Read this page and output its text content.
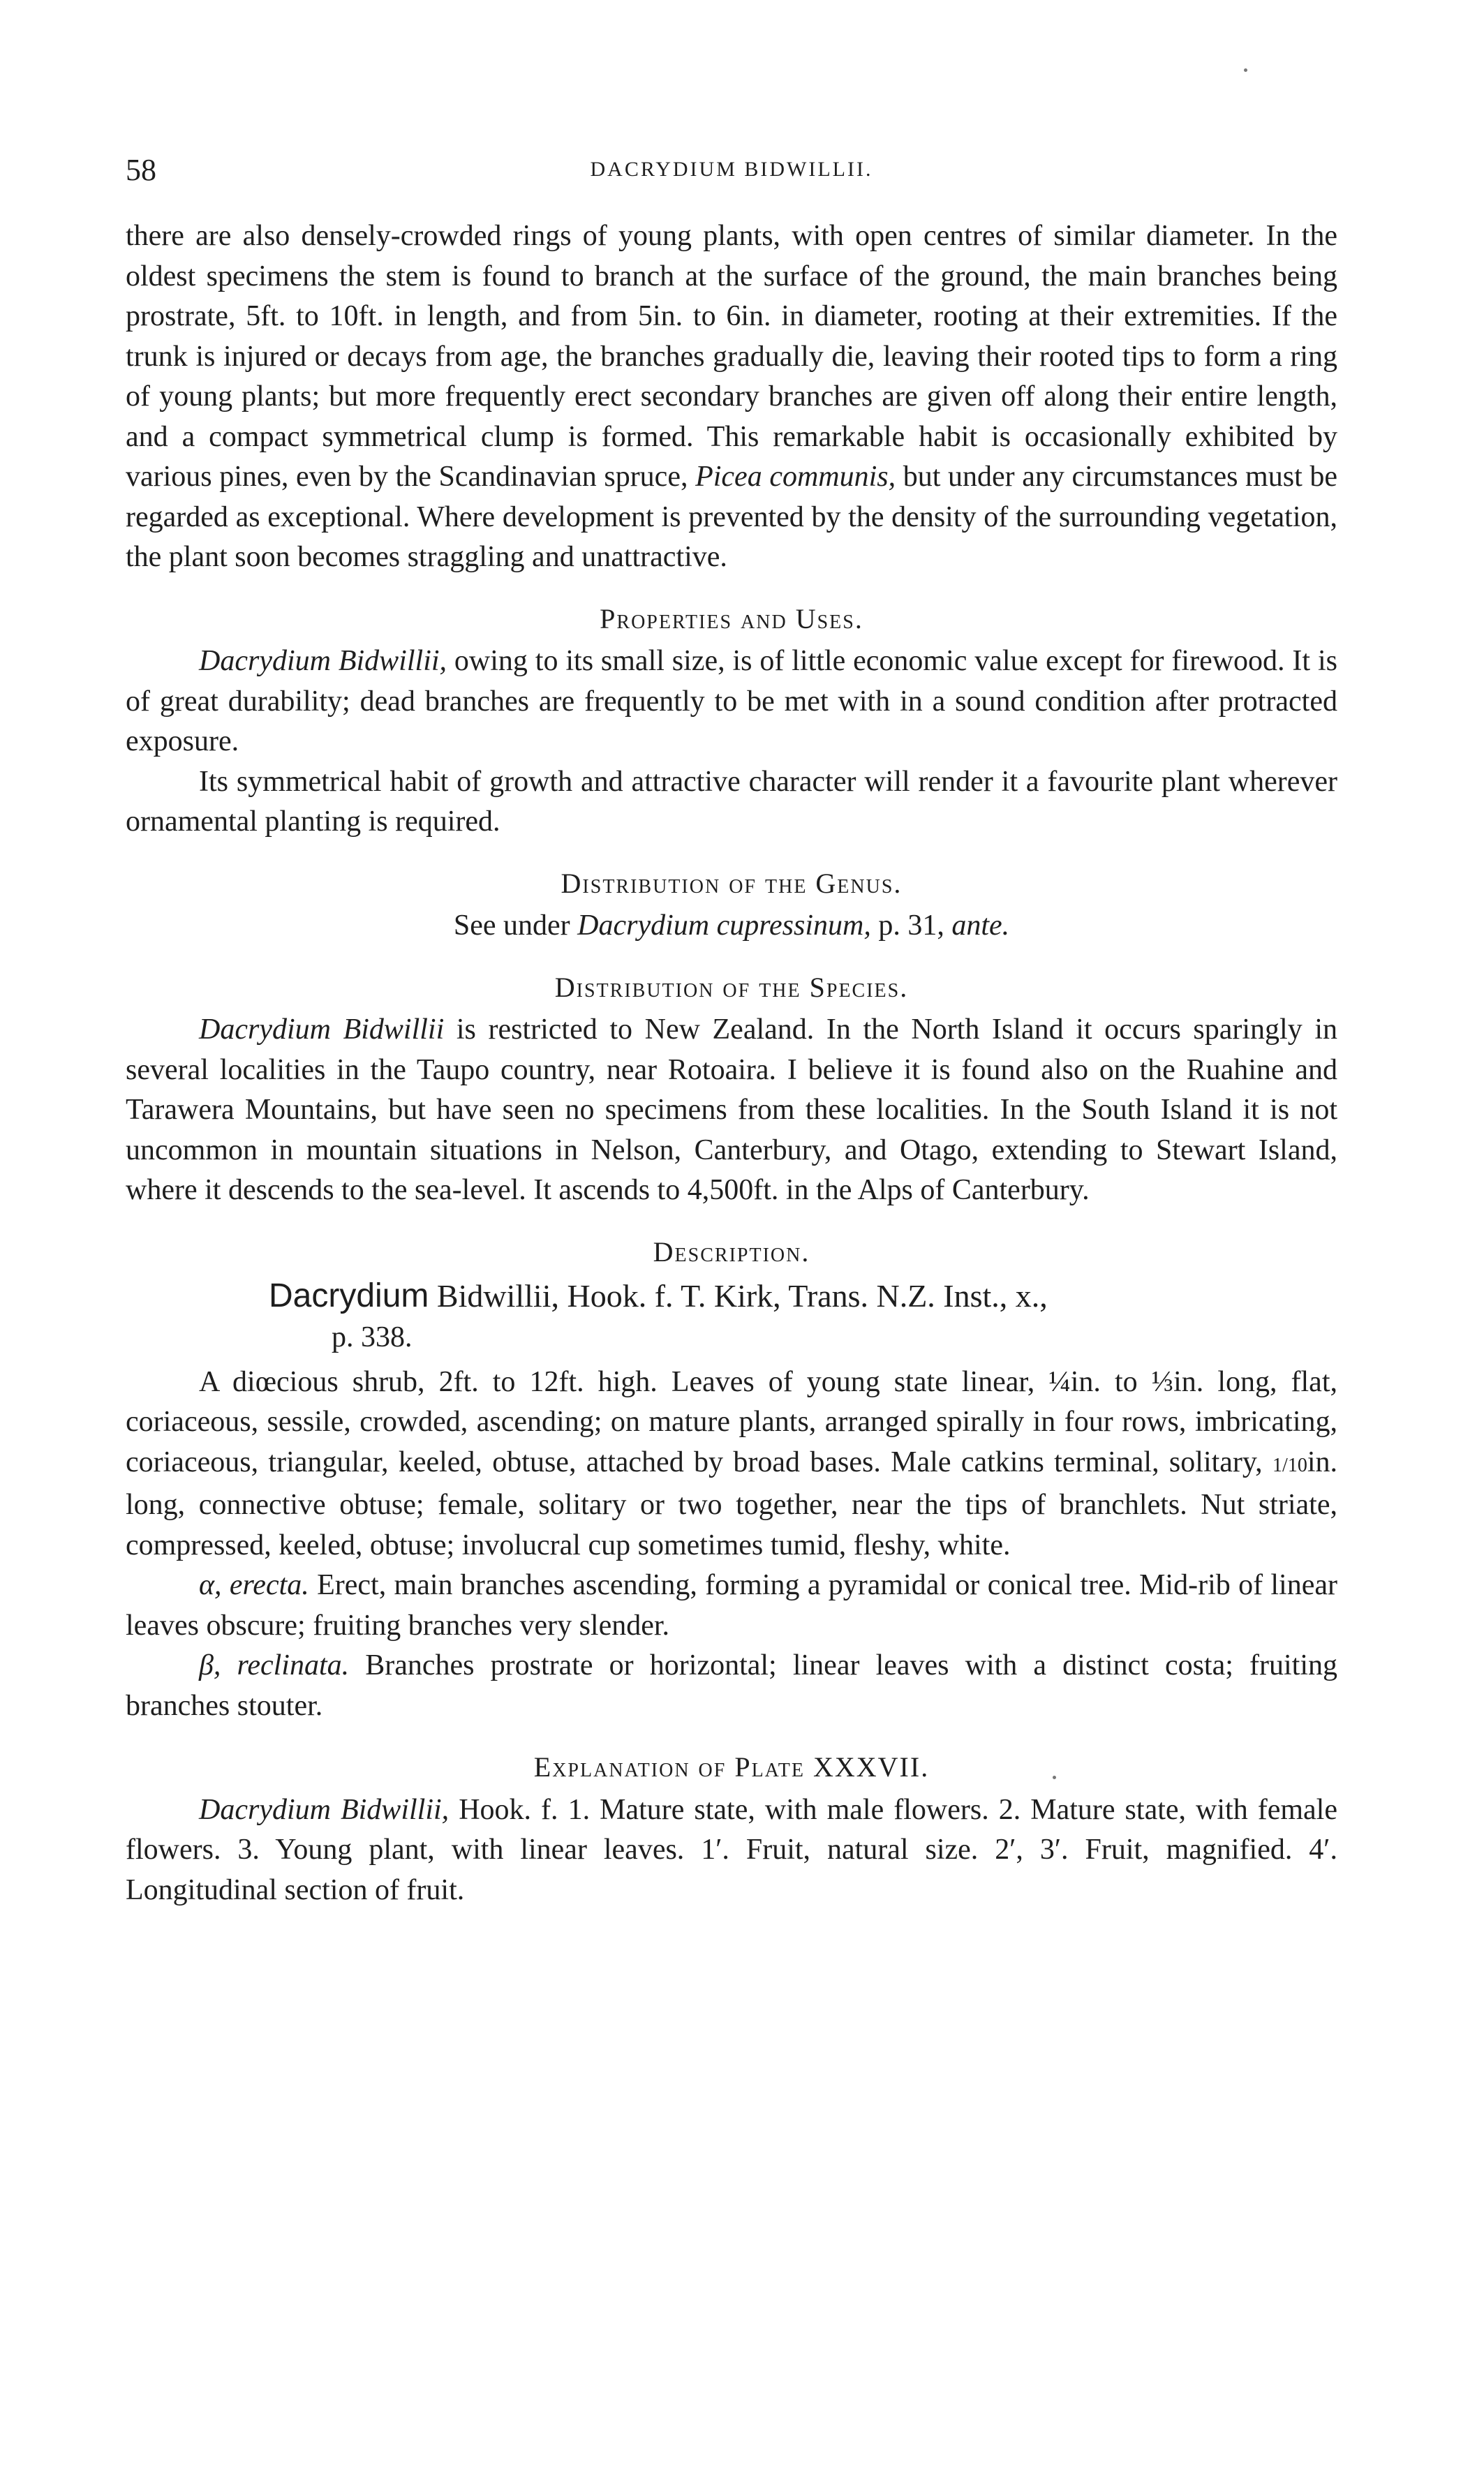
58	DACRYDIUM BIDWILLII.

there are also densely-crowded rings of young plants, with open centres of similar diameter. In the oldest specimens the stem is found to branch at the surface of the ground, the main branches being prostrate, 5ft. to 10ft. in length, and from 5in. to 6in. in diameter, rooting at their extremities. If the trunk is injured or decays from age, the branches gradually die, leaving their rooted tips to form a ring of young plants; but more frequently erect secondary branches are given off along their entire length, and a compact symmetrical clump is formed. This remarkable habit is occasionally exhibited by various pines, even by the Scandinavian spruce, Picea communis, but under any circumstances must be regarded as exceptional. Where development is prevented by the density of the surrounding vegetation, the plant soon becomes straggling and unattractive.

Properties and Uses.

Dacrydium Bidwillii, owing to its small size, is of little economic value except for firewood. It is of great durability; dead branches are frequently to be met with in a sound condition after protracted exposure.

Its symmetrical habit of growth and attractive character will render it a favourite plant wherever ornamental planting is required.

Distribution of the Genus.

See under Dacrydium cupressinum, p. 31, ante.

Distribution of the Species.

Dacrydium Bidwillii is restricted to New Zealand. In the North Island it occurs sparingly in several localities in the Taupo country, near Rotoaira. I believe it is found also on the Ruahine and Tarawera Mountains, but have seen no specimens from these localities. In the South Island it is not uncommon in mountain situations in Nelson, Canterbury, and Otago, extending to Stewart Island, where it descends to the sea-level. It ascends to 4,500ft. in the Alps of Canterbury.

Description.

Dacrydium Bidwillii, Hook. f. T. Kirk, Trans. N.Z. Inst., x.,

p. 338.

A diœcious shrub, 2ft. to 12ft. high. Leaves of young state linear, ¼in. to ⅓in. long, flat, coriaceous, sessile, crowded, ascending; on mature plants, arranged spirally in four rows, imbricating, coriaceous, triangular, keeled, obtuse, attached by broad bases. Male catkins terminal, solitary, 1/10in. long, connective obtuse; female, solitary or two together, near the tips of branchlets. Nut striate, compressed, keeled, obtuse; involucral cup sometimes tumid, fleshy, white.

α, erecta. Erect, main branches ascending, forming a pyramidal or conical tree. Mid-rib of linear leaves obscure; fruiting branches very slender.

β, reclinata. Branches prostrate or horizontal; linear leaves with a distinct costa; fruiting branches stouter.

Explanation of Plate XXXVII.

Dacrydium Bidwillii, Hook. f. 1. Mature state, with male flowers. 2. Mature state, with female flowers. 3. Young plant, with linear leaves. 1′. Fruit, natural size. 2′, 3′. Fruit, magnified. 4′. Longitudinal section of fruit.
